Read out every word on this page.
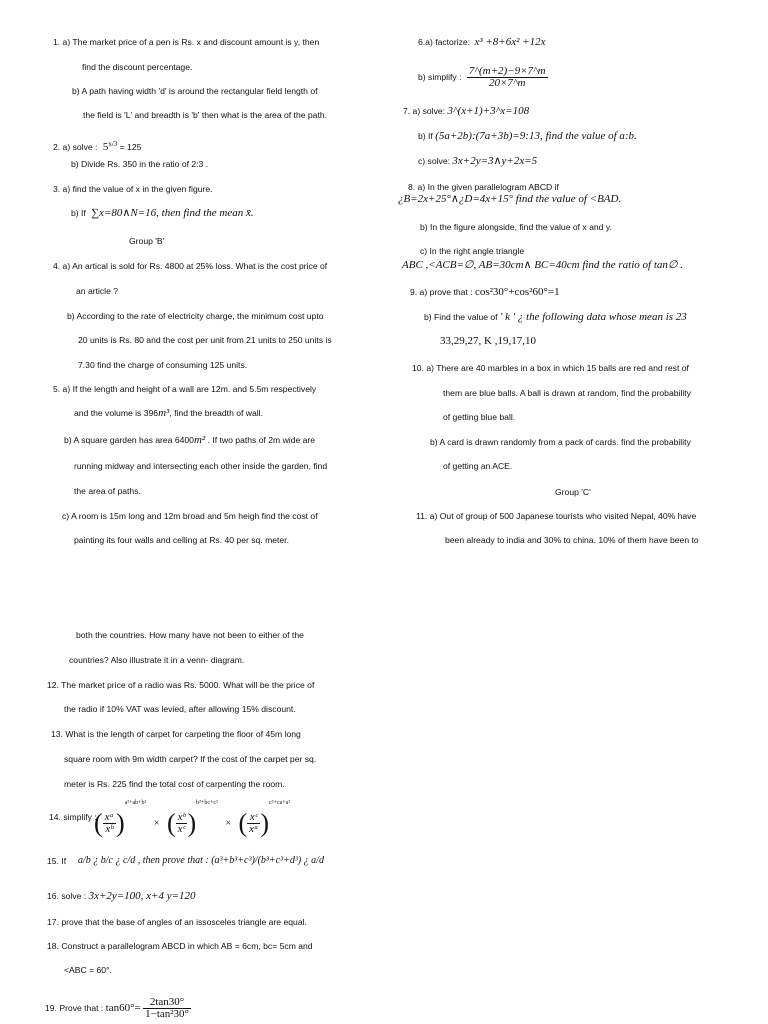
1. a) The market price of a pen is Rs. x and discount amount is y, then
find the discount percentage.
b) A path having width 'd' is around the rectangular field length of
the field is 'L' and breadth is 'b' then what is the area of the path.
2. a) solve : $5^{x/3} = 125$
b) Divide Rs. 350 in the ratio of 2:3 .
3. a) find the value of x in the given figure.
b) If ∑x=80∧N=16, then find the mean x̄.
Group 'B'
4. a) An artical is sold for Rs. 4800 at 25% loss. What is the cost price of
an article ?
b) According to the rate of electricity charge, the minimum cost upto
20 units is Rs. 80 and the cost per unit from 21 units to 250 units is
7.30 find the charge of consuming 125 units.
5. a) If the length and height of a wall are 12m. and 5.5m respectively
and the volume is 396m³, find the breadth of wall.
b) A square garden has area 6400m² . If two paths of 2m wide are
running midway and intersecting each other inside the garden, find
the area of paths.
c) A room is 15m long and 12m broad and 5m heigh find the cost of
painting its four walls and celling at Rs. 40 per sq. meter.
6.a) factorize: x³ +8+6x² +12x
b) simplify : $\frac{7\^{}(m+2)-9\times 7\^{}m}{20\times 7\^{}m}$
7. a) solve: 3^(x+1)+3^x=108
b) If (5a+2b):(7a+3b)=9:13, find the value of a:b.
c) solve: 3x+2y=3∧y+2x=5
8. a) In the given parallelogram ABCD if
¿B=2x+25°∧¿D=4x+15° find the value of <BAD.
b) In the figure alongside, find the value of x and y.
c) In the right angle triangle
ABC ,<ACB=∅, AB=30cm∧ BC=40cm find the ratio of tan∅ .
9. a) prove that : cos²30°+cos²60°=1
b) Find the value of ' k ' ¿ the following data whose mean is 23
33,29,27, K ,19,17,10
10. a) There are 40 marbles in a box in which 15 balls are red and rest of
them are blue balls. A ball is drawn at random, find the probability
of getting blue ball.
b) A card is drawn randomly from a pack of cards. find the probability
of getting an ACE.
Group 'C'
11. a) Out of group of 500 Japanese tourists who visited Nepal, 40% have
been already to india and 30% to china. 10% of them have been to
both the countries. How many have not been to either of the
countries? Also illustrate it in a venn- diagram.
12. The market price of a radio was Rs. 5000. What will be the price of
the radio if 10% VAT was levied, after allowing 15% discount.
13. What is the length of carpet for carpeting the floor of 45m long
square room with 9m width carpet? If the cost of the carpet per sq.
meter is Rs. 225 find the total cost of carpenting the room.
14. simplify :
( $\frac{\text{xᵃ}}{\text{xᵇ}} )^{a^2+ab+b^2}$ × ( $\frac{\text{xᵇ}}{\text{xᶜ}} )^{b^2+bc+c^2}$ × ( $\frac{\text{xᶜ}}{\text{xᵃ}} )^{c^2+ca+a^2}$
15. If a/b ¿ b/c ¿ c/d , then prove that : (a³+b³+c³)/(b³+c³+d³) ¿ a/d
16. solve : 3x+2y=100, x+4 y=120
17. prove that the base of angles of an issosceles triangle are equal.
18. Construct a parallelogram ABCD in which AB = 6cm, bc= 5cm and
<ABC = 60°.
19. Prove that : $\tan 60^\circ= \frac{2\tan 30^\circ}{\text{1−tan²30°}}$
